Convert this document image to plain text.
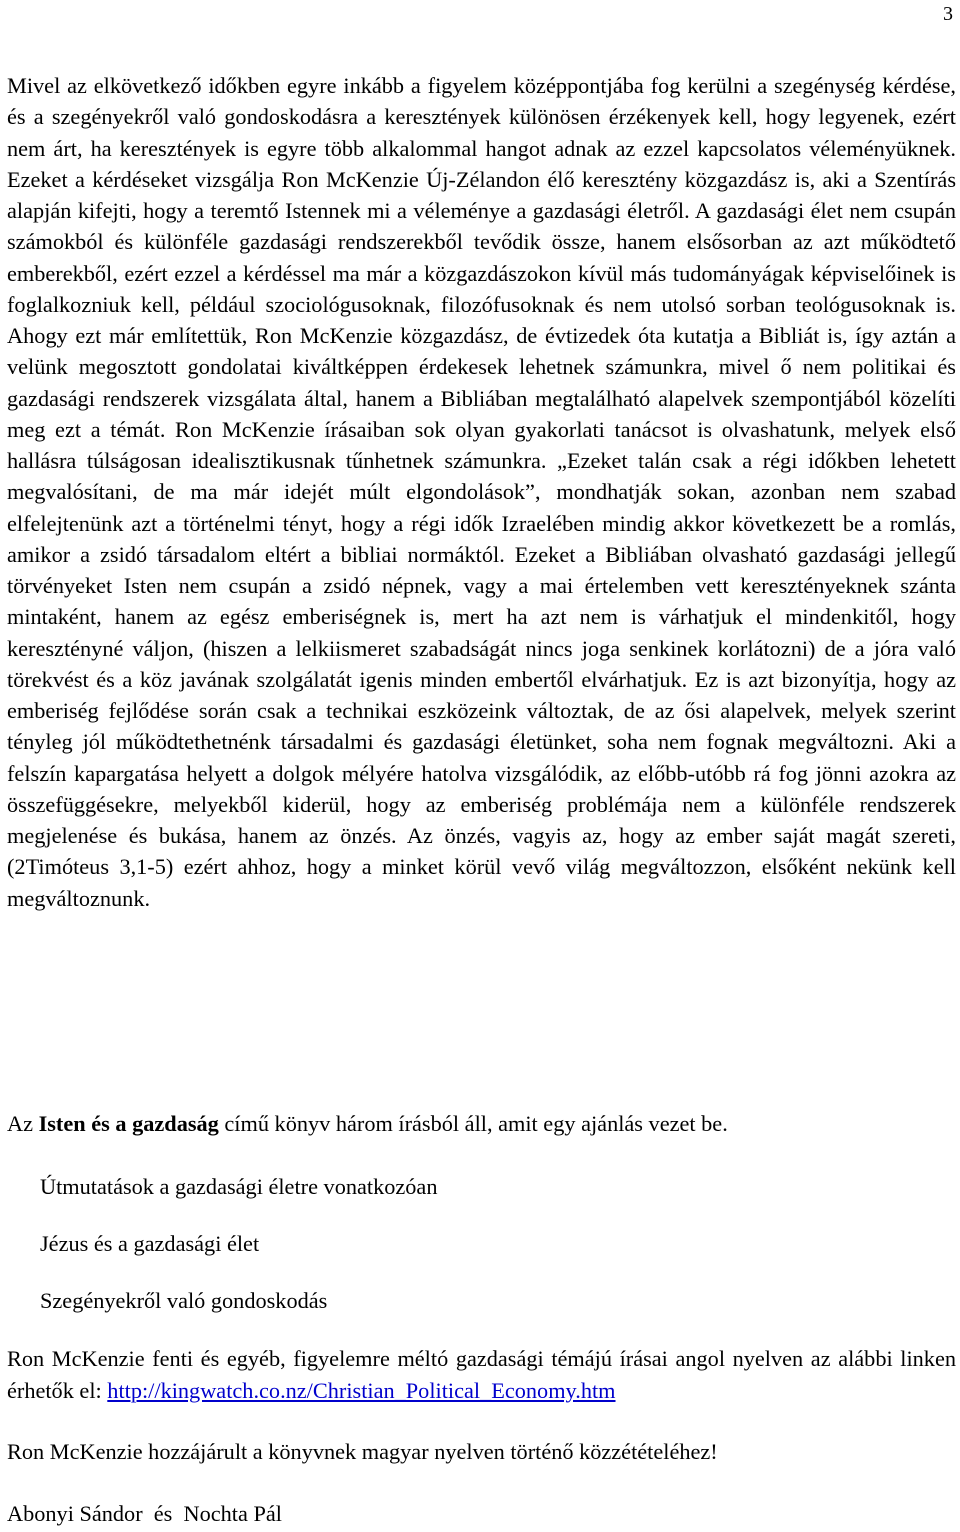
3

Mivel az elkövetkező időkben egyre inkább a figyelem középpontjába fog kerülni a szegénység kérdése, és a szegényekről való gondoskodásra a keresztények különösen érzékenyek kell, hogy legyenek, ezért nem árt, ha keresztények is egyre több alkalommal hangot adnak az ezzel kapcsolatos véleményüknek. Ezeket a kérdéseket vizsgálja Ron McKenzie Új-Zélandon élő keresztény közgazdász is, aki a Szentírás alapján kifejti, hogy a teremtő Istennek mi a véleménye a gazdasági életről. A gazdasági élet nem csupán számokból és különféle gazdasági rendszerekből tevődik össze, hanem elsősorban az azt működtető emberekből, ezért ezzel a kérdéssel ma már a közgazdászokon kívül más tudományágak képviselőinek is foglalkozniuk kell, például szociológusoknak, filozófusoknak és nem utolsó sorban teológusoknak is. Ahogy ezt már említettük, Ron McKenzie közgazdász, de évtizedek óta kutatja a Bibliát is, így aztán a velünk megosztott gondolatai kiváltképpen érdekesek lehetnek számunkra, mivel ő nem politikai és gazdasági rendszerek vizsgálata által, hanem a Bibliában megtalálható alapelvek szempontjából közelíti meg ezt a témát. Ron McKenzie írásaiban sok olyan gyakorlati tanácsot is olvashatunk, melyek első hallásra túlságosan idealisztikusnak tűnhetnek számunkra. „Ezeket talán csak a régi időkben lehetett megvalósítani, de ma már idejét múlt elgondolások”, mondhatják sokan, azonban nem szabad elfelejtenünk azt a történelmi tényt, hogy a régi idők Izraelében mindig akkor következett be a romlás, amikor a zsidó társadalom eltért a bibliai normáktól. Ezeket a Bibliában olvasható gazdasági jellegű törvényeket Isten nem csupán a zsidó népnek, vagy a mai értelemben vett keresztényeknek szánta mintaként, hanem az egész emberiségnek is, mert ha azt nem is várhatjuk el mindenkitől, hogy keresztényné váljon, (hiszen a lelkiismeret szabadságát nincs joga senkinek korlátozni) de a jóra való törekvést és a köz javának szolgálatát igenis minden embertől elvárhatjuk. Ez is azt bizonyítja, hogy az emberiség fejlődése során csak a technikai eszközeink változtak, de az ősi alapelvek, melyek szerint tényleg jól működtethetnénk társadalmi és gazdasági életünket, soha nem fognak megváltozni. Aki a felszín kapargatása helyett a dolgok mélyére hatolva vizsgálódik, az előbb-utóbb rá fog jönni azokra az összefüggésekre, melyekből kiderül, hogy az emberiség problémája nem a különféle rendszerek megjelenése és bukása, hanem az önzés. Az önzés, vagyis az, hogy az ember saját magát szereti, (2Timóteus 3,1-5) ezért ahhoz, hogy a minket körül vevő világ megváltozzon, elsőként nekünk kell megváltoznunk.

Az Isten és a gazdaság című könyv három írásból áll, amit egy ajánlás vezet be.

Útmutatások a gazdasági életre vonatkozóan

Jézus és a gazdasági élet

Szegényekről való gondoskodás

Ron McKenzie fenti és egyéb, figyelemre méltó gazdasági témájú írásai angol nyelven az alábbi linken érhetők el: http://kingwatch.co.nz/Christian_Political_Economy.htm

Ron McKenzie hozzájárult a könyvnek magyar nyelven történő közzétételéhez!

Abonyi Sándor  és  Nochta Pál
